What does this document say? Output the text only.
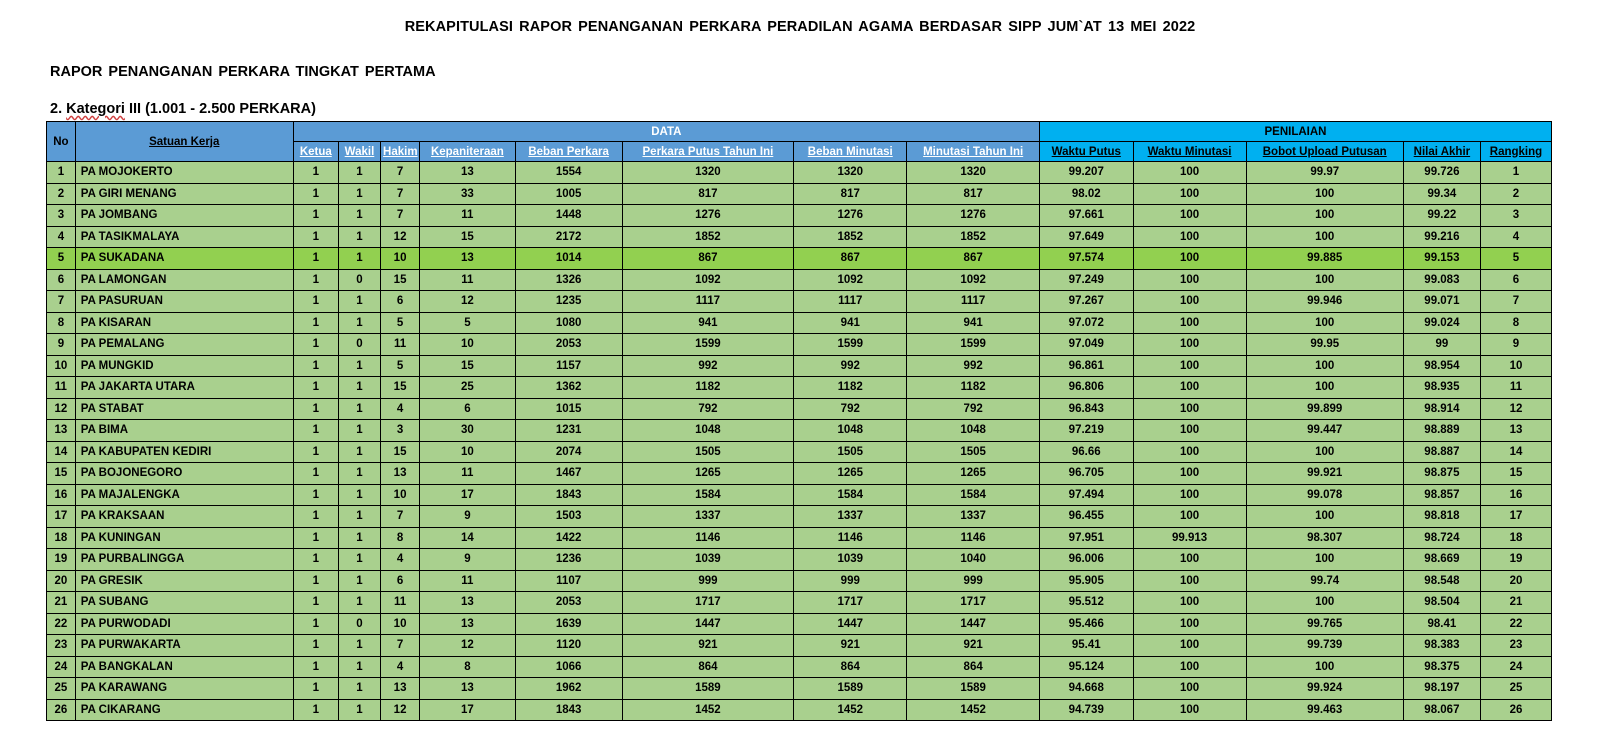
REKAPITULASI RAPOR PENANGANAN PERKARA PERADILAN AGAMA BERDASAR SIPP JUM`AT 13 MEI 2022
RAPOR PENANGANAN PERKARA TINGKAT PERTAMA
2. Kategori III (1.001 - 2.500 PERKARA)
No	Satuan Kerja	DATA								PENILAIAN				
		Ketua	Wakil	Hakim	Kepaniteraan	Beban Perkara	Perkara Putus Tahun Ini	Beban Minutasi	Minutasi Tahun Ini	Waktu Putus	Waktu Minutasi	Bobot Upload Putusan	Nilai Akhir	Rangking
1	PA MOJOKERTO	1	1	7	13	1554	1320	1320	1320	99.207	100	99.97	99.726	1
2	PA GIRI MENANG	1	1	7	33	1005	817	817	817	98.02	100	100	99.34	2
3	PA JOMBANG	1	1	7	11	1448	1276	1276	1276	97.661	100	100	99.22	3
4	PA TASIKMALAYA	1	1	12	15	2172	1852	1852	1852	97.649	100	100	99.216	4
5	PA SUKADANA	1	1	10	13	1014	867	867	867	97.574	100	99.885	99.153	5
6	PA LAMONGAN	1	0	15	11	1326	1092	1092	1092	97.249	100	100	99.083	6
7	PA PASURUAN	1	1	6	12	1235	1117	1117	1117	97.267	100	99.946	99.071	7
8	PA KISARAN	1	1	5	5	1080	941	941	941	97.072	100	100	99.024	8
9	PA PEMALANG	1	0	11	10	2053	1599	1599	1599	97.049	100	99.95	99	9
10	PA MUNGKID	1	1	5	15	1157	992	992	992	96.861	100	100	98.954	10
11	PA JAKARTA UTARA	1	1	15	25	1362	1182	1182	1182	96.806	100	100	98.935	11
12	PA STABAT	1	1	4	6	1015	792	792	792	96.843	100	99.899	98.914	12
13	PA BIMA	1	1	3	30	1231	1048	1048	1048	97.219	100	99.447	98.889	13
14	PA KABUPATEN KEDIRI	1	1	15	10	2074	1505	1505	1505	96.66	100	100	98.887	14
15	PA BOJONEGORO	1	1	13	11	1467	1265	1265	1265	96.705	100	99.921	98.875	15
16	PA MAJALENGKA	1	1	10	17	1843	1584	1584	1584	97.494	100	99.078	98.857	16
17	PA KRAKSAAN	1	1	7	9	1503	1337	1337	1337	96.455	100	100	98.818	17
18	PA KUNINGAN	1	1	8	14	1422	1146	1146	1146	97.951	99.913	98.307	98.724	18
19	PA PURBALINGGA	1	1	4	9	1236	1039	1039	1040	96.006	100	100	98.669	19
20	PA GRESIK	1	1	6	11	1107	999	999	999	95.905	100	99.74	98.548	20
21	PA SUBANG	1	1	11	13	2053	1717	1717	1717	95.512	100	100	98.504	21
22	PA PURWODADI	1	0	10	13	1639	1447	1447	1447	95.466	100	99.765	98.41	22
23	PA PURWAKARTA	1	1	7	12	1120	921	921	921	95.41	100	99.739	98.383	23
24	PA BANGKALAN	1	1	4	8	1066	864	864	864	95.124	100	100	98.375	24
25	PA KARAWANG	1	1	13	13	1962	1589	1589	1589	94.668	100	99.924	98.197	25
26	PA CIKARANG	1	1	12	17	1843	1452	1452	1452	94.739	100	99.463	98.067	26
